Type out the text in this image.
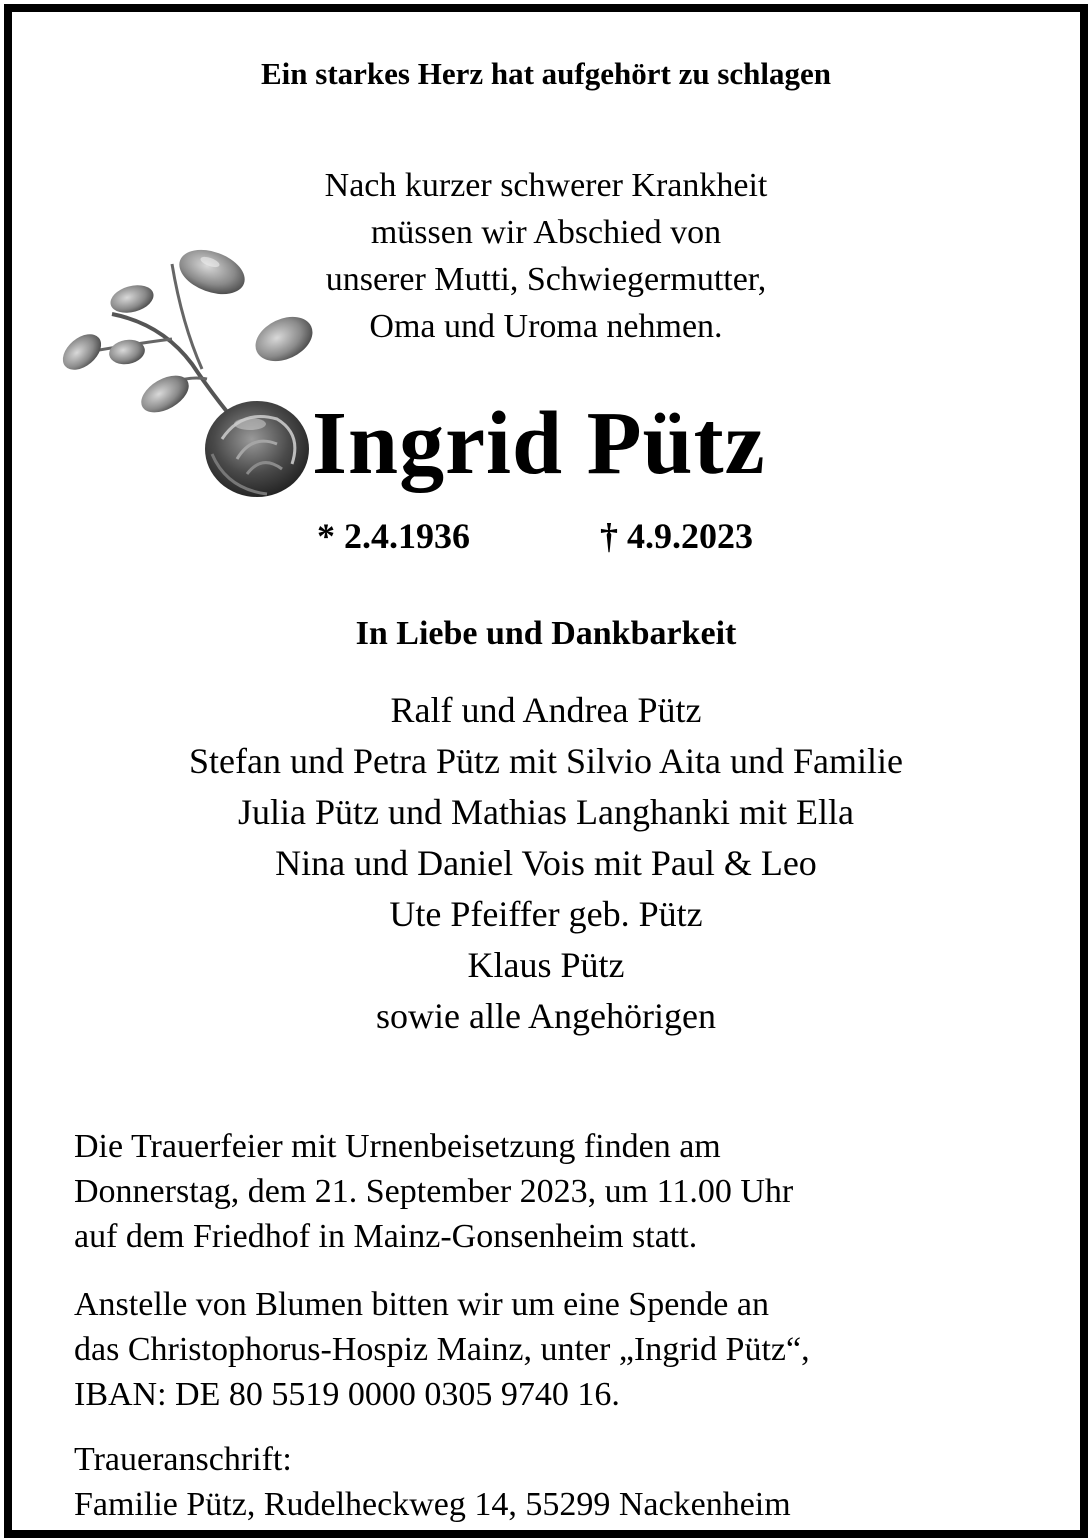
Ein starkes Herz hat aufgehört zu schlagen
Nach kurzer schwerer Krankheit
müssen wir Abschied von
unserer Mutti, Schwiegermutter,
Oma und Uroma nehmen.
Ingrid Pütz
* 2.4.1936	† 4.9.2023
In Liebe und Dankbarkeit
Ralf und Andrea Pütz
Stefan und Petra Pütz mit Silvio Aita und Familie
Julia Pütz und Mathias Langhanki mit Ella
Nina und Daniel Vois mit Paul & Leo
Ute Pfeiffer geb. Pütz
Klaus Pütz
sowie alle Angehörigen
Die Trauerfeier mit Urnenbeisetzung finden am
Donnerstag, dem 21. September 2023, um 11.00 Uhr
auf dem Friedhof in Mainz-Gonsenheim statt.
Anstelle von Blumen bitten wir um eine Spende an
das Christophorus-Hospiz Mainz, unter „Ingrid Pütz“,
IBAN: DE 80 5519 0000 0305 9740 16.
Traueranschrift:
Familie Pütz, Rudelheckweg 14, 55299 Nackenheim
